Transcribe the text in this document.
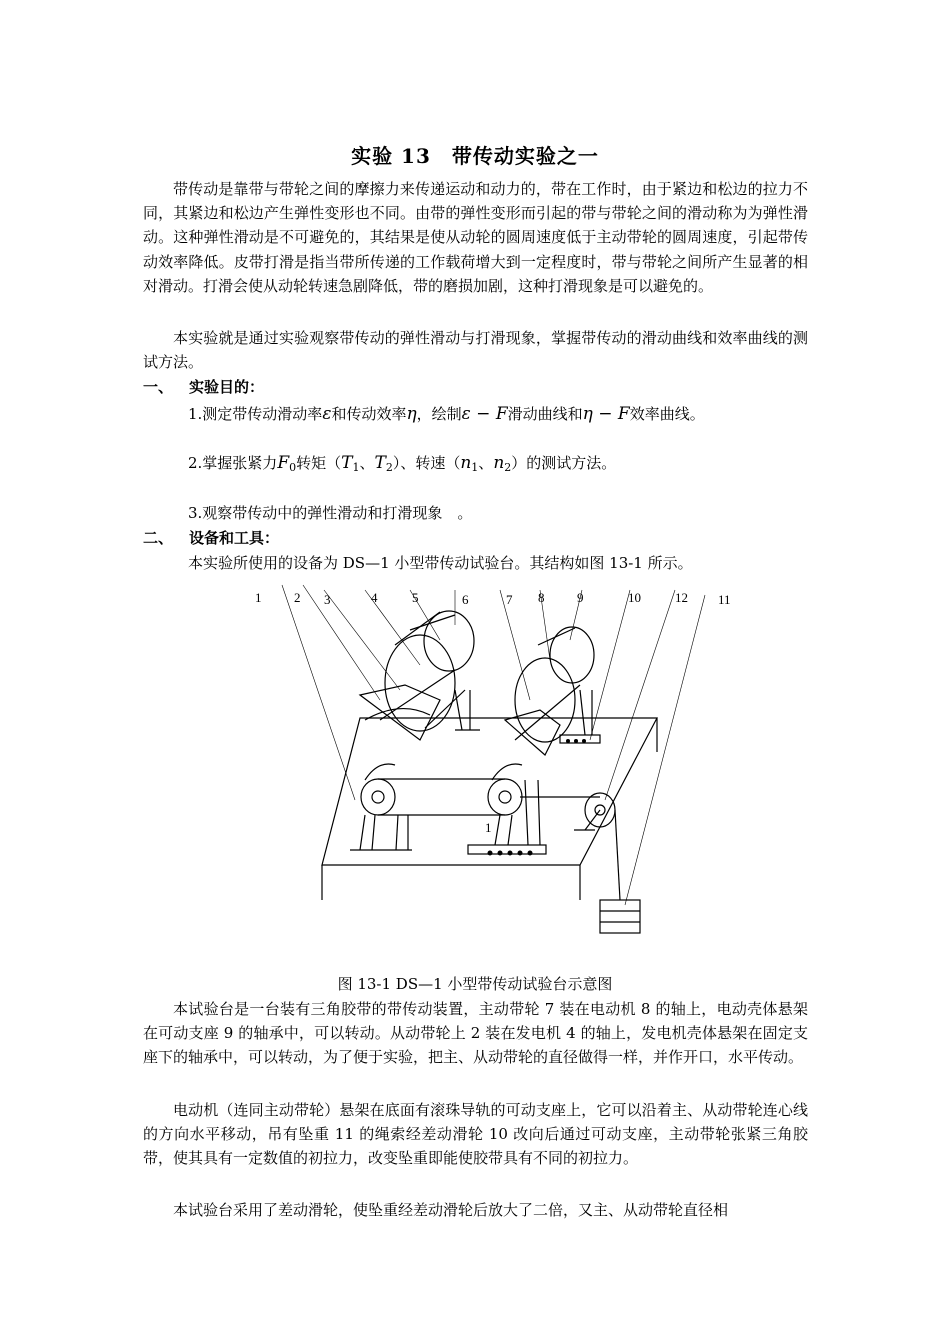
实验 13　带传动实验之一

带传动是靠带与带轮之间的摩擦力来传递运动和动力的，带在工作时，由于紧边和松边的拉力不同，其紧边和松边产生弹性变形也不同。由带的弹性变形而引起的带与带轮之间的滑动称为为弹性滑动。这种弹性滑动是不可避免的，其结果是使从动轮的圆周速度低于主动带轮的圆周速度，引起带传动效率降低。皮带打滑是指当带所传递的工作载荷增大到一定程度时，带与带轮之间所产生显著的相对滑动。打滑会使从动轮转速急剧降低，带的磨损加剧，这种打滑现象是可以避免的。

本实验就是通过实验观察带传动的弹性滑动与打滑现象，掌握带传动的滑动曲线和效率曲线的测试方法。

一、 实验目的：
1.测定带传动滑动率ε和传动效率η，绘制ε − F滑动曲线和η − F效率曲线。
2.掌握张紧力$F_0$转矩（$T_1$、$T_2$）、转速（$n_1$、$n_2$）的测试方法。
3.观察带传动中的弹性滑动和打滑现象　。
二、 设备和工具：
本实验所使用的设备为 DS—1 小型带传动试验台。其结构如图 13-1 所示。
1	2 3	4	5	6	7 8	9	10	12 11
1
图 13-1 DS—1 小型带传动试验台示意图

本试验台是一台装有三角胶带的带传动装置，主动带轮 7 装在电动机 8 的轴上，电动壳体悬架在可动支座 9 的轴承中，可以转动。从动带轮上 2 装在发电机 4 的轴上，发电机壳体悬架在固定支座下的轴承中，可以转动，为了便于实验，把主、从动带轮的直径做得一样，并作开口，水平传动。

电动机（连同主动带轮）悬架在底面有滚珠导轨的可动支座上，它可以沿着主、从动带轮连心线的方向水平移动，吊有坠重 11 的绳索经差动滑轮 10 改向后通过可动支座，主动带轮张紧三角胶带，使其具有一定数值的初拉力，改变坠重即能使胶带具有不同的初拉力。

本试验台采用了差动滑轮，使坠重经差动滑轮后放大了二倍，又主、从动带轮直径相
